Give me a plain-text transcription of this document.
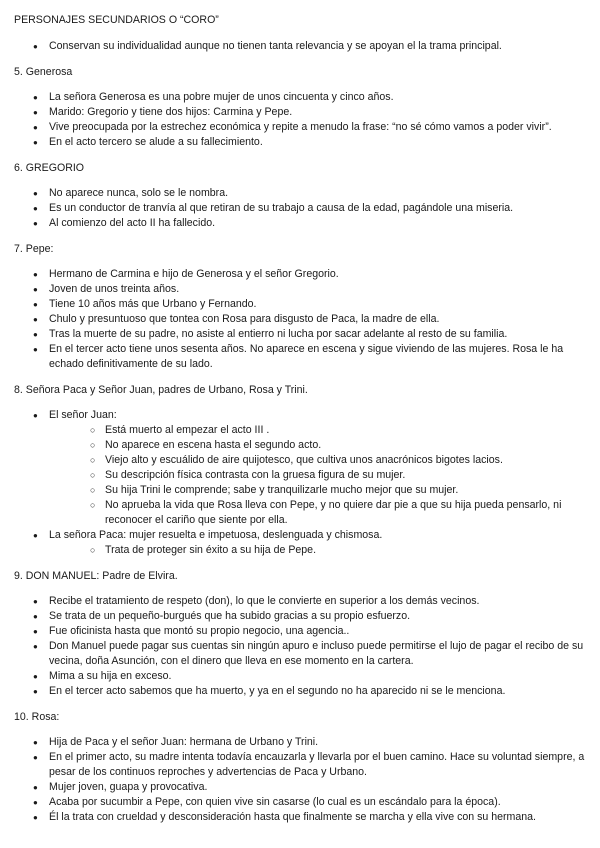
PERSONAJES SECUNDARIOS O “CORO”

● Conservan su individualidad aunque no tienen tanta relevancia y se apoyan el la trama principal.

5. Generosa

● La señora Generosa es una pobre mujer de unos cincuenta y cinco años.
● Marido: Gregorio y tiene dos hijos: Carmina y Pepe.
● Vive preocupada por la estrechez económica y repite a menudo la frase: “no sé cómo vamos a poder vivir”.
● En el acto tercero se alude a su fallecimiento.

6. GREGORIO

● No aparece nunca, solo se le nombra.
● Es un conductor de tranvía al que retiran de su trabajo a causa de la edad, pagándole una miseria.
● Al comienzo del acto II ha fallecido.

7. Pepe:

● Hermano de Carmina e hijo de Generosa y el señor Gregorio.
● Joven de unos treinta años.
● Tiene 10 años más que Urbano y Fernando.
● Chulo y presuntuoso que tontea con Rosa para disgusto de Paca, la madre de ella.
● Tras la muerte de su padre, no asiste al entierro ni lucha por sacar adelante al resto de su familia.
● En el tercer acto tiene unos sesenta años. No aparece en escena y sigue viviendo de las mujeres. Rosa le ha echado definitivamente de su lado.

8. Señora Paca y Señor Juan, padres de Urbano, Rosa y Trini.

● El señor Juan:
○ Está muerto al empezar el acto III .
○ No aparece en escena hasta el segundo acto.
○ Viejo alto y escuálido de aire quijotesco, que cultiva unos anacrónicos bigotes lacios.
○ Su descripción física contrasta con la gruesa figura de su mujer.
○ Su hija Trini le comprende; sabe y tranquilizarle mucho mejor que su mujer.
○ No aprueba la vida que Rosa lleva con Pepe, y no quiere dar pie a que su hija pueda pensarlo, ni reconocer el cariño que siente por ella.
● La señora Paca: mujer resuelta e impetuosa, deslenguada y chismosa.
○ Trata de proteger sin éxito a su hija de Pepe.

9. DON MANUEL: Padre de Elvira.

● Recibe el tratamiento de respeto (don), lo que le convierte en superior a los demás vecinos.
● Se trata de un pequeño-burgués que ha subido gracias a su propio esfuerzo.
● Fue oficinista hasta que montó su propio negocio, una agencia..
● Don Manuel puede pagar sus cuentas sin ningún apuro e incluso puede permitirse el lujo de pagar el recibo de su vecina, doña Asunción, con el dinero que lleva en ese momento en la cartera.
● Mima a su hija en exceso.
● En el tercer acto sabemos que ha muerto, y ya en el segundo no ha aparecido ni se le menciona.

10. Rosa:

● Hija de Paca y el señor Juan: hermana de Urbano y Trini.
● En el primer acto, su madre intenta todavía encauzarla y llevarla por el buen camino. Hace su voluntad siempre, a pesar de los continuos reproches y advertencias de Paca y Urbano.
● Mujer joven, guapa y provocativa.
● Acaba por sucumbir a Pepe, con quien vive sin casarse (lo cual es un escándalo para la época).
● Él la trata con crueldad y desconsideración hasta que finalmente se marcha y ella vive con su hermana.
